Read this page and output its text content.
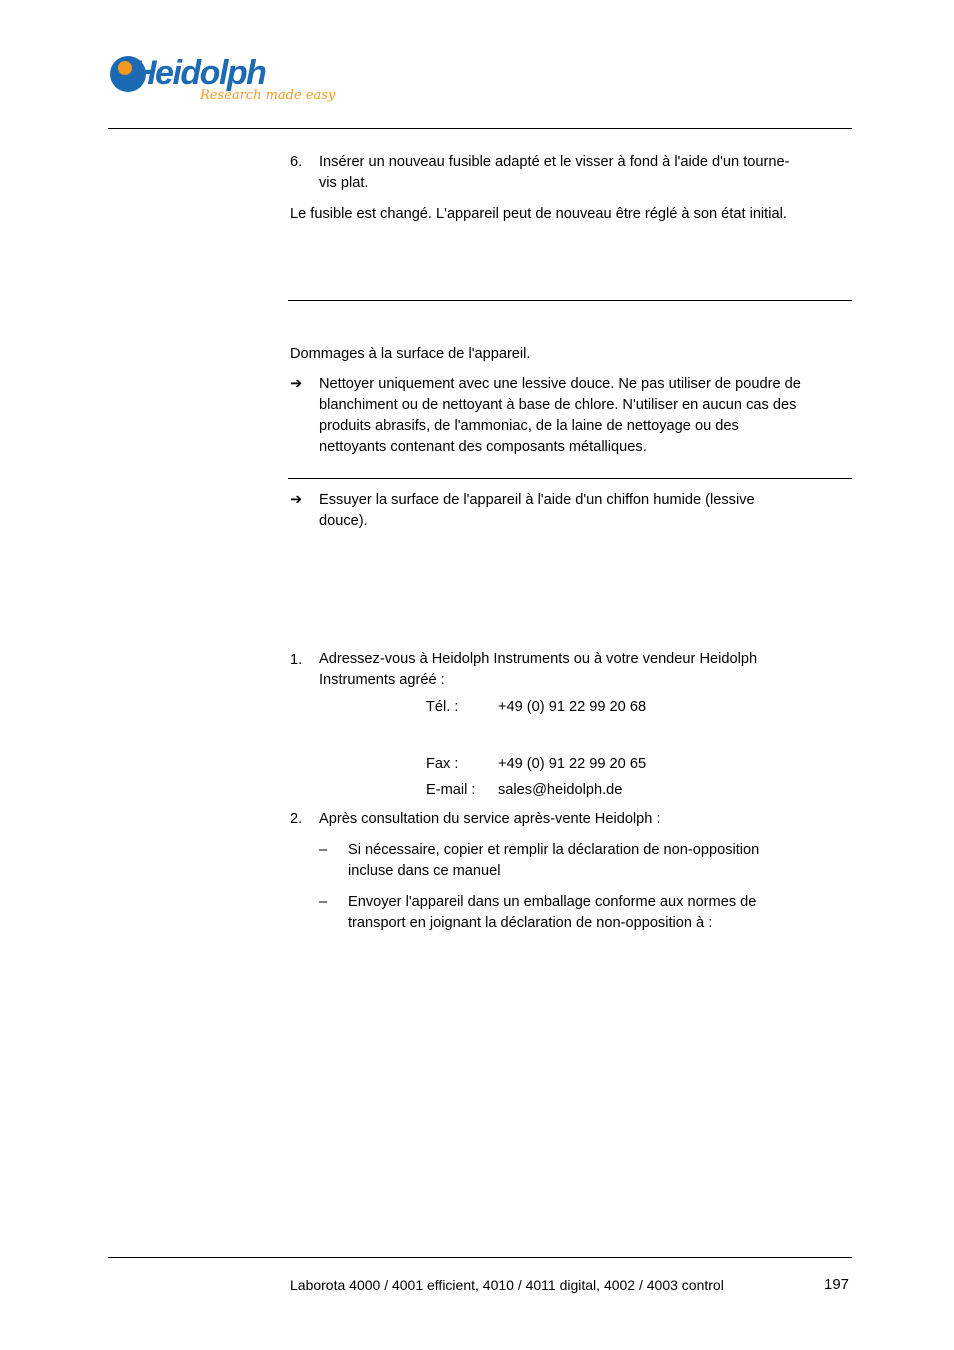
Heidolph
Research made easy
6. Insérer un nouveau fusible adapté et le visser à fond à l'aide d'un tourne-

vis plat.

Le fusible est changé. L'appareil peut de nouveau être réglé à son état initial.

Dommages à la surface de l'appareil.

➔ Nettoyer uniquement avec une lessive douce. Ne pas utiliser de poudre de

blanchiment ou de nettoyant à base de chlore. N'utiliser en aucun cas des

produits abrasifs, de l'ammoniac, de la laine de nettoyage ou des

nettoyants contenant des composants métalliques.

➔ Essuyer la surface de l'appareil à l'aide d'un chiffon humide (lessive

douce).

1. Adressez-vous à Heidolph Instruments ou à votre vendeur Heidolph

Instruments agréé :

Tél. :	+49 (0) 91 22 99 20 68
Fax :	+49 (0) 91 22 99 20 65
E-mail : sales@heidolph.de
2. Après consultation du service après-vente Heidolph :

– Si nécessaire, copier et remplir la déclaration de non-opposition

incluse dans ce manuel

– Envoyer l'appareil dans un emballage conforme aux normes de

transport en joignant la déclaration de non-opposition à :

Laborota 4000 / 4001 efficient, 4010 / 4011 digital, 4002 / 4003 control	197
